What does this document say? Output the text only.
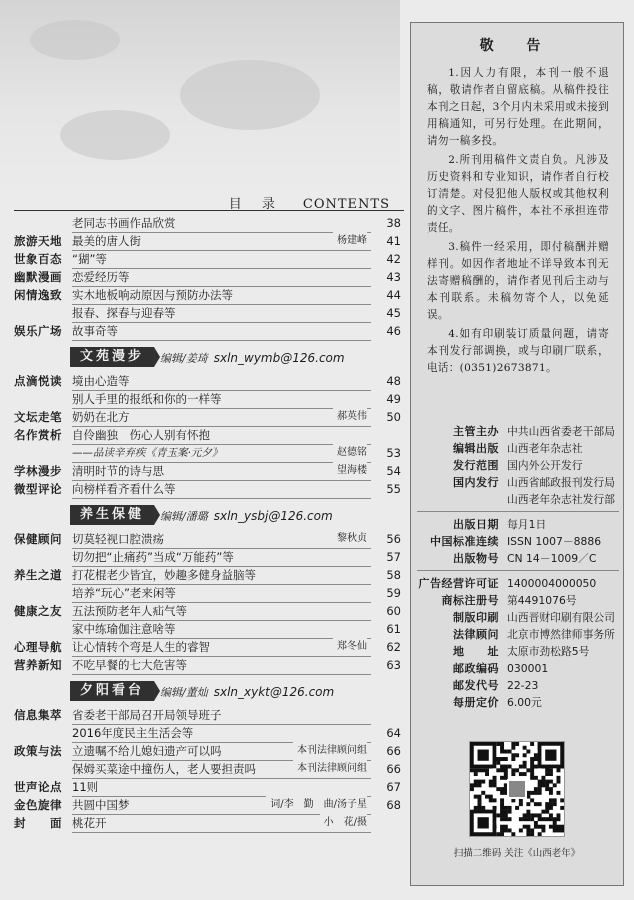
目 录 CONTENTS
老同志书画作品欣赏	38
旅游天地 最美的唐人街	杨建峰	41
世象百态 “猢”等	42
幽默漫画 恋爱经历等	43
闲情逸致 实木地板响动原因与预防办法等	44
报春、探春与迎春等	45
娱乐广场 故事奇等	46
文苑漫步	编辑/姜琦 sxln_wymb@126.com
点滴悦读 境由心造等	48
别人手里的报纸和你的一样等	49
文坛走笔 奶奶在北方	郝英伟	50
名作赏析 自伶幽独　伤心人别有怀抱
——品读辛弃疾《青玉案·元夕》	赵德铭	53
学林漫步 清明时节的诗与思	望海楼	54
微型评论 向榜样看齐看什么等	55
养生保健	编辑/潘璐 sxln_ysbj@126.com
保健顾问 切莫轻视口腔溃疡	黎秋贞	56
切勿把“止痛药”当成“万能药”等	57
养生之道 打花棍老少皆宜，妙趣多健身益脑等	58
培养“玩心”老来闲等	59
健康之友 五法预防老年人疝气等	60
家中练瑜伽注意啥等	61
心理导航 让心情转个弯是人生的睿智	郑冬仙	62
营养新知 不吃早餐的七大危害等	63
夕阳看台	编辑/董灿 sxln_xykt@126.com
信息集萃 省委老干部局召开局领导班子
2016年度民主生活会等	64
政策与法 立遗嘱不给儿媳妇遗产可以吗	本刊法律顾问组	66
保姆买菜途中撞伤人，老人要担责吗	本刊法律顾问组	66
世声论点 11则	67
金色旋律 共圆中国梦	词/李　勤　曲/汤子星	68
封　　面 桃花开	小　花/摄
敬 告

1.因人力有限，本刊一般不退稿，敬请作者自留底稿。从稿件投往本刊之日起，3个月内未采用或未接到用稿通知，可另行处理。在此期间，请勿一稿多投。

2.所刊用稿件文责自负。凡涉及历史资料和专业知识，请作者自行校订清楚。对侵犯他人版权或其他权利的文字、图片稿件，本社不承担连带责任。

3.稿件一经采用，即付稿酬并赠样刊。如因作者地址不详导致本刊无法寄赠稿酬的，请作者见刊后主动与本刊联系。未稿勿寄个人，以免延误。

4.如有印刷装订质量问题，请寄本刊发行部调换，或与印刷厂联系，电话：(0351)2673871。

主管主办 中共山西省委老干部局
编辑出版 山西老年杂志社
发行范围 国内外公开发行
国内发行 山西省邮政报刊发行局
山西老年杂志社发行部
出版日期 每月1日
中国标准连续 ISSN 1007－8886
出版物号 CN 14－1009／C
广告经营许可证 1400004000050
商标注册号 第4491076号
制版印刷 山西晋财印刷有限公司
法律顾问 北京市博然律师事务所
地　　址 太原市劲松路5号
邮政编码 030001
邮发代号 22-23
每册定价 6.00元
扫描二维码 关注《山西老年》
